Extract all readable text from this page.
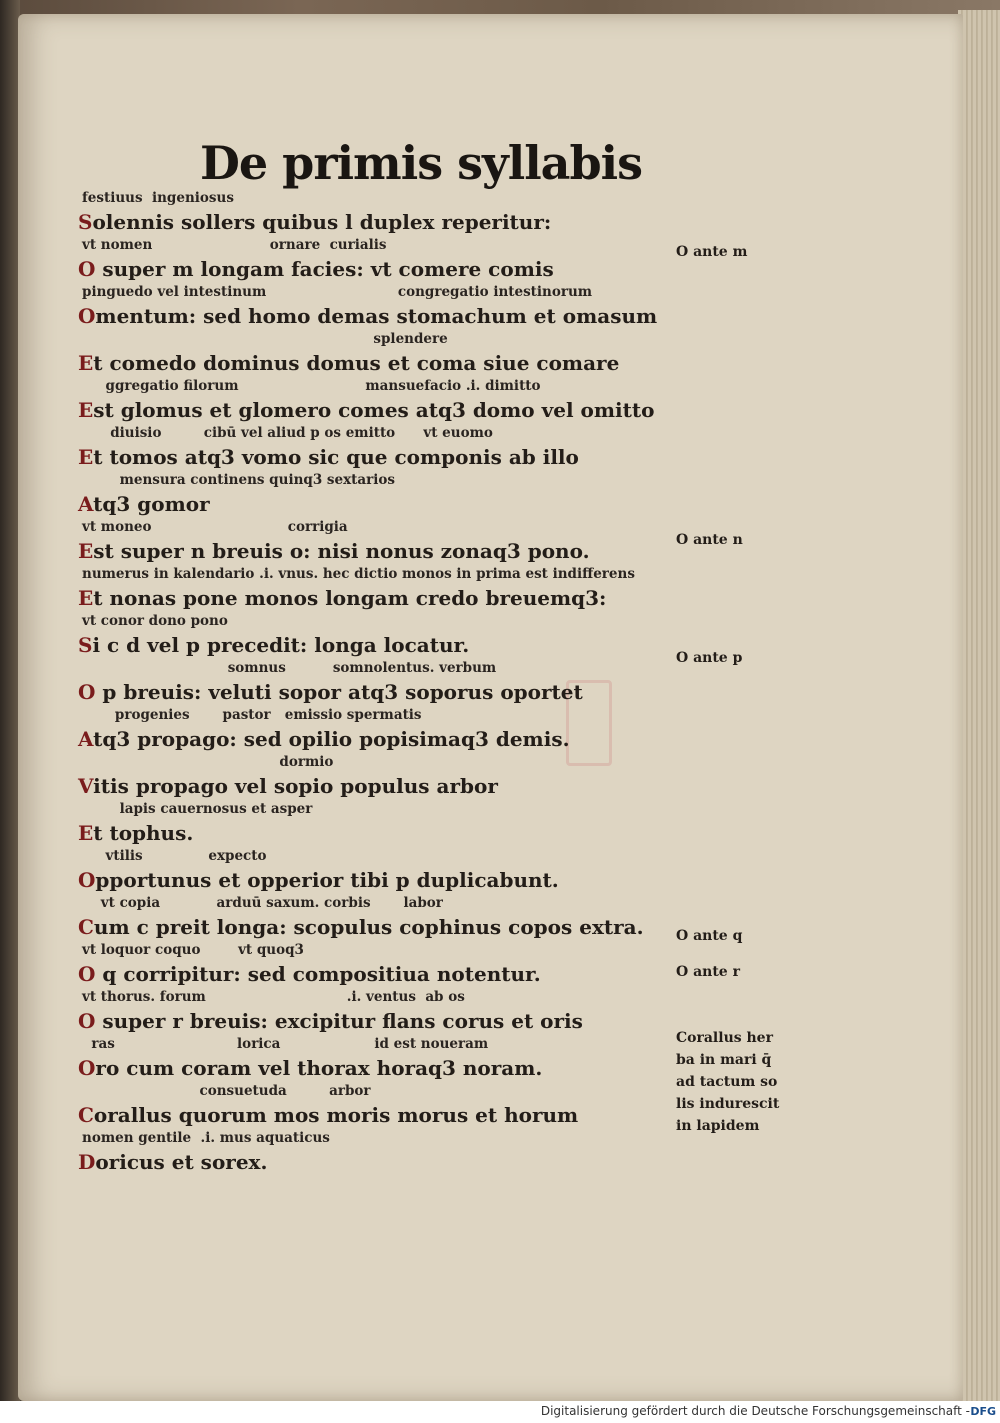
De primis syllabis
festiuus  ingeniosus
Solennis sollers quibus l duplex reperitur:
vt nomen                         ornare  curialis
O super m longam facies: vt comere comis
pinguedo vel intestinum                            congregatio intestinorum
Omentum: sed homo demas stomachum et omasum
splendere
Et comedo dominus domus et coma siue comare
ggregatio filorum                           mansuefacio .i. dimitto
Est glomus et glomero comes atq3 domo vel omitto
diuisio         cibū vel aliud p os emitto      vt euomo
Et tomos atq3 vomo sic que componis ab illo
mensura continens quinq3 sextarios
Atq3 gomor
vt moneo                             corrigia
Est super n breuis o: nisi nonus zonaq3 pono.
numerus in kalendario .i. vnus. hec dictio monos in prima est indifferens
Et nonas pone monos longam credo breuemq3:
vt conor dono pono
Si c d vel p precedit: longa locatur.
somnus          somnolentus. verbum
O p breuis: veluti sopor atq3 soporus oportet
progenies       pastor   emissio spermatis
Atq3 propago: sed opilio popisimaq3 demis.
dormio
Vitis propago vel sopio populus arbor
lapis cauernosus et asper
Et tophus.
vtilis              expecto
Opportunus et opperior tibi p duplicabunt.
vt copia            arduū saxum. corbis       labor
Cum c preit longa: scopulus cophinus copos extra.
vt loquor coquo        vt quoq3
O q corripitur: sed compositiua notentur.
vt thorus. forum                              .i. ventus  ab os
O super r breuis: excipitur flans corus et oris
ras                          lorica                    id est noueram
Oro cum coram vel thorax horaq3 noram.
consuetuda         arbor
Corallus quorum mos moris morus et horum
nomen gentile  .i. mus aquaticus
Doricus et sorex.
O ante m
O ante n
O ante p
O ante q
O ante r
Corallus her
ba in mari q̄
ad tactum so
lis indurescit
in lapidem
Digitalisierung gefördert durch die Deutsche Forschungsgemeinschaft - DFG
